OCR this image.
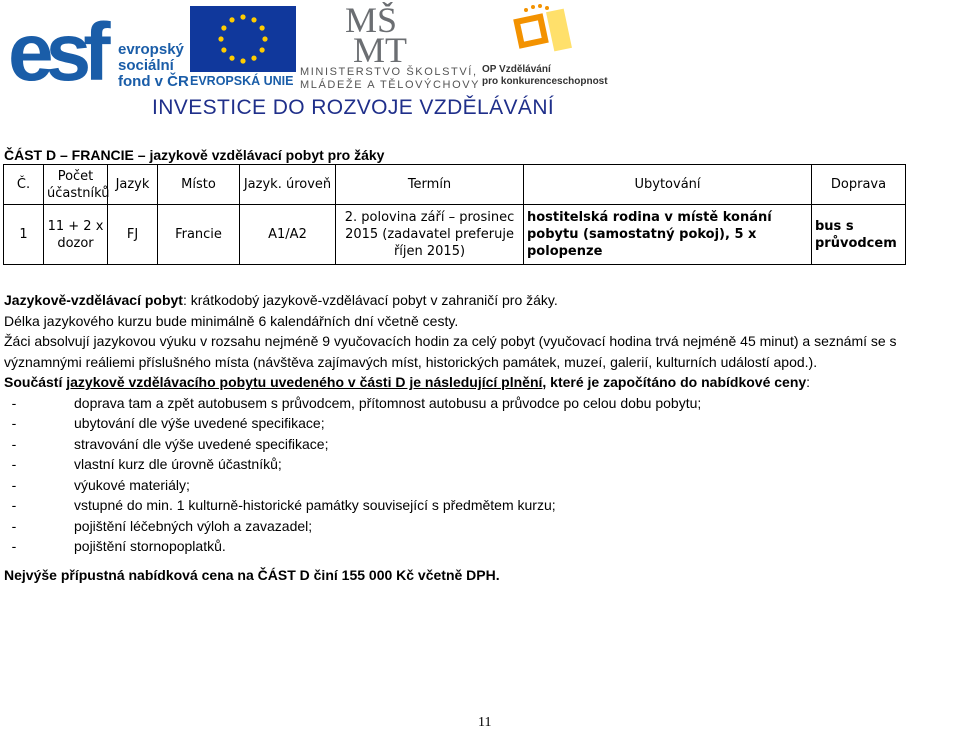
esf	evropský sociální fond v ČR EVROPSKÁ UNIE
MŠ
MT
MINISTERSTVO ŠKOLSTVÍ,
MLÁDEŽE A TĚLOVÝCHOVY
OP Vzdělávání
pro konkurenceschopnost
INVESTICE DO ROZVOJE VZDĚLÁVÁNÍ
ČÁST D – FRANCIE – jazykově vzdělávací pobyt pro žáky
Č.	Počet účastníků	Jazyk	Místo	Jazyk. úroveň	Termín	Ubytování	Doprava
1	11 + 2 x dozor	FJ	Francie	A1/A2	2. polovina září – prosinec 2015 (zadavatel preferuje říjen 2015)	hostitelská rodina v místě konání pobytu (samostatný pokoj), 5 x polopenze	bus s průvodcem

Jazykově-vzdělávací pobyt: krátkodobý jazykově-vzdělávací pobyt v zahraničí pro žáky.

Délka jazykového kurzu bude minimálně 6 kalendářních dní včetně cesty.

Žáci absolvují jazykovou výuku v rozsahu nejméně 9 vyučovacích hodin za celý pobyt (vyučovací hodina trvá nejméně 45 minut) a seznámí se s významnými reáliemi příslušného místa (návštěva zajímavých míst, historických památek, muzeí, galerií, kulturních událostí apod.).

Součástí jazykově vzdělávacího pobytu uvedeného v části D je následující plnění, které je započítáno do nabídkové ceny:

-	doprava tam a zpět autobusem s průvodcem, přítomnost autobusu a průvodce po celou dobu pobytu;
-	ubytování dle výše uvedené specifikace;
-	stravování dle výše uvedené specifikace;
-	vlastní kurz dle úrovně účastníků;
-	výukové materiály;
-	vstupné do min. 1 kulturně-historické památky související s předmětem kurzu;
-	pojištění léčebných výloh a zavazadel;
-	pojištění stornopoplatků.
Nejvýše přípustná nabídková cena na ČÁST D činí 155 000 Kč včetně DPH.
11
